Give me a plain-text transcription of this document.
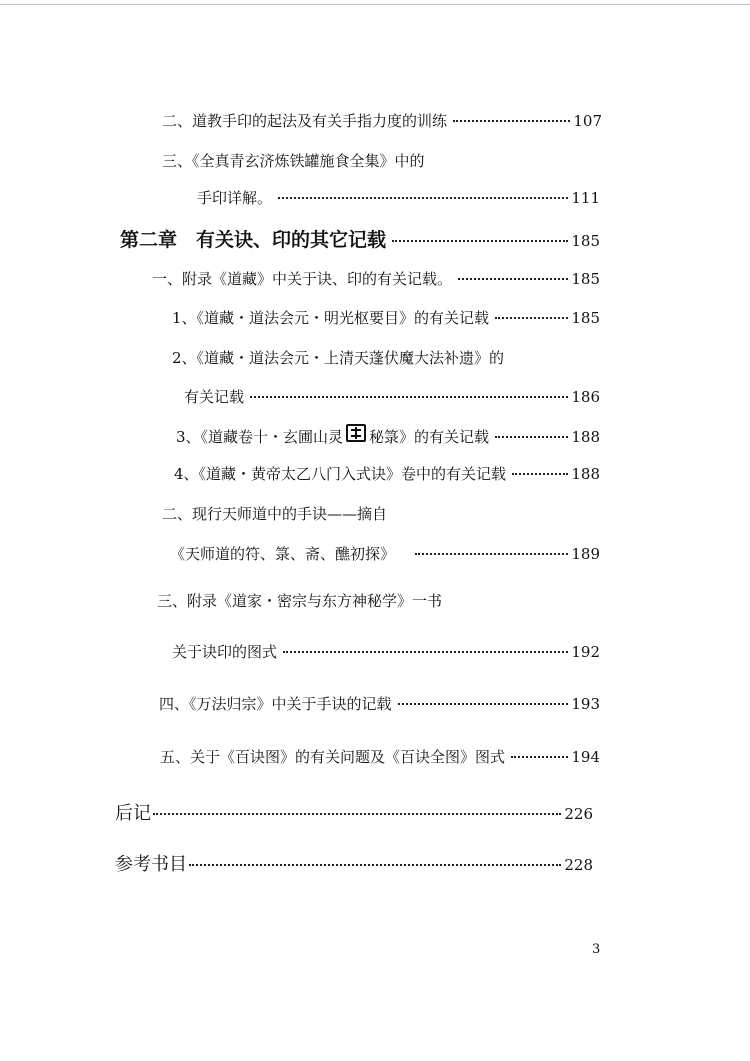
二、道教手印的起法及有关手指力度的训练	107
三、《全真青玄济炼铁罐施食全集》中的
手印详解。	111
第二章　有关诀、印的其它记载	185
一、附录《道藏》中关于诀、印的有关记载。	185
1、《道藏・道法会元・明光枢要目》的有关记载	185
2、《道藏・道法会元・上清天蓬伏魔大法补遗》的
有关记载	186
3、《道藏卷十・玄圃山灵 秘箓》的有关记载	188
4、《道藏・黄帝太乙八门入式诀》卷中的有关记载	188
二、现行天师道中的手诀——摘自
《天师道的符、箓、斋、醮初探》	189
三、附录《道家・密宗与东方神秘学》一书
关于诀印的图式	192
四、《万法归宗》中关于手诀的记载	193
五、关于《百诀图》的有关问题及《百诀全图》图式	194
后记	226
参考书目	228
3
